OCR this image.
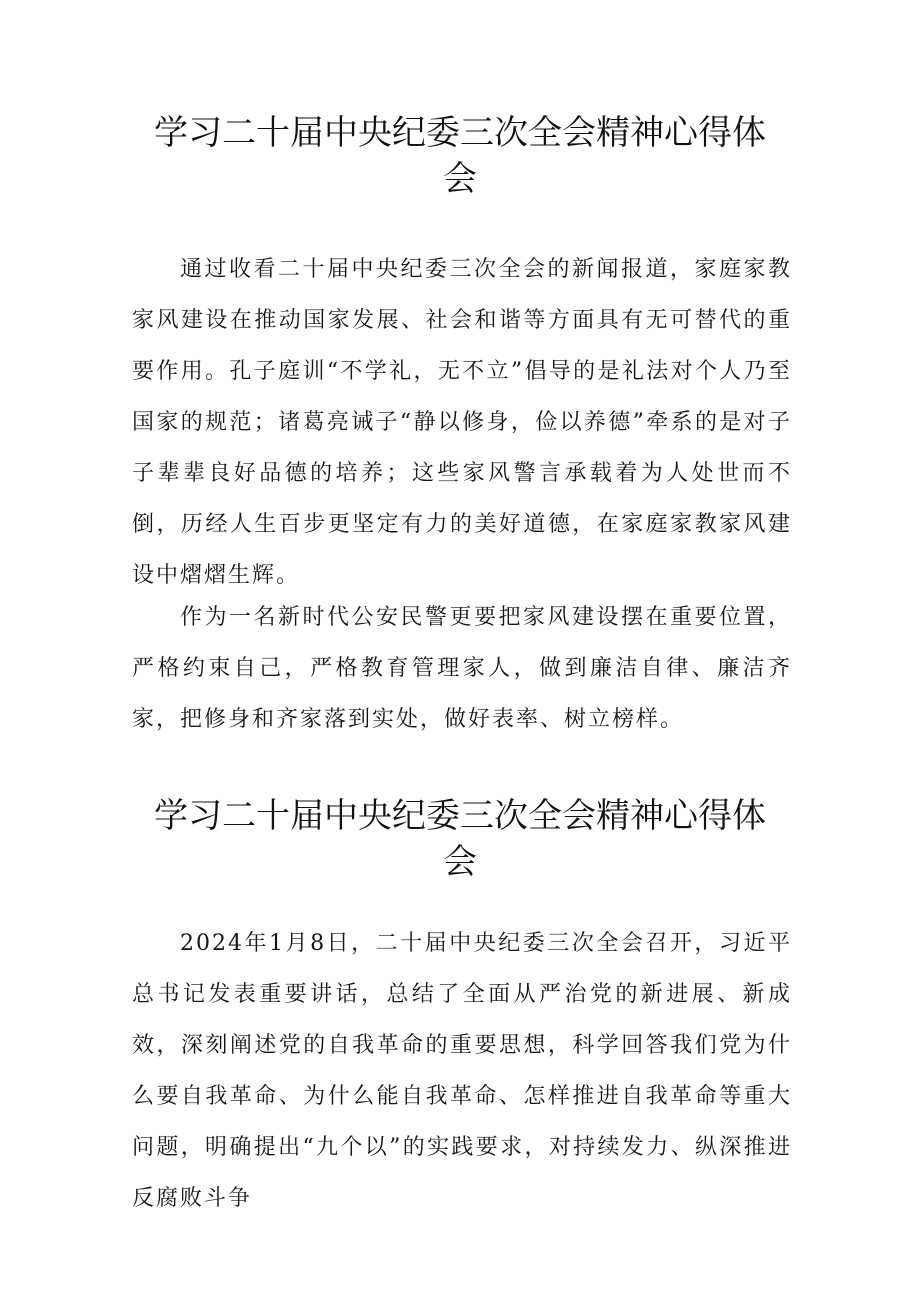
学习二十届中央纪委三次全会精神心得体会

通过收看二十届中央纪委三次全会的新闻报道，家庭家教家风建设在推动国家发展、社会和谐等方面具有无可替代的重要作用。孔子庭训“不学礼，无不立”倡导的是礼法对个人乃至国家的规范；诸葛亮诫子“静以修身，俭以养德”牵系的是对子子辈辈良好品德的培养；这些家风警言承载着为人处世而不倒，历经人生百步更坚定有力的美好道德，在家庭家教家风建设中熠熠生辉。

作为一名新时代公安民警更要把家风建设摆在重要位置，严格约束自己，严格教育管理家人，做到廉洁自律、廉洁齐家，把修身和齐家落到实处，做好表率、树立榜样。

学习二十届中央纪委三次全会精神心得体会

2024年1月8日，二十届中央纪委三次全会召开，习近平总书记发表重要讲话，总结了全面从严治党的新进展、新成效，深刻阐述党的自我革命的重要思想，科学回答我们党为什么要自我革命、为什么能自我革命、怎样推进自我革命等重大问题，明确提出“九个以”的实践要求，对持续发力、纵深推进反腐败斗争
